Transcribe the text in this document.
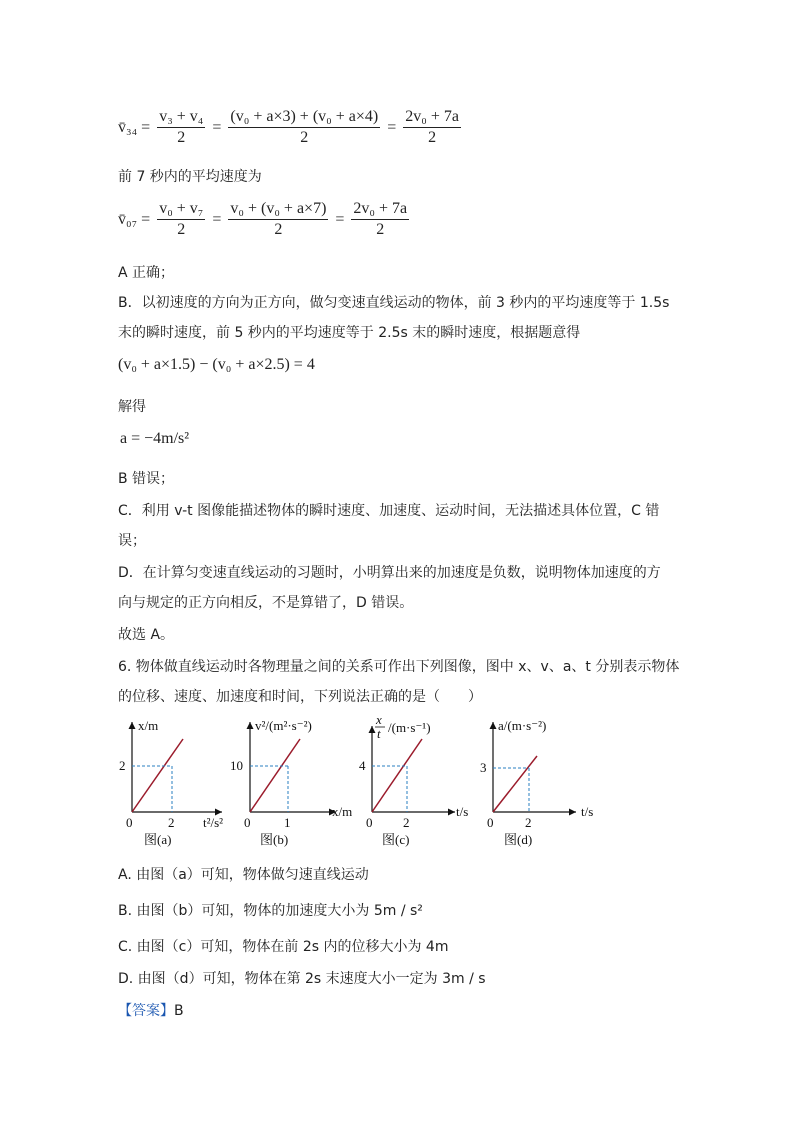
v̄₃₄ = $\frac{\text{v₃ + v₄}}{2} = \frac{\text{(v₀ + a×3) + (v₀ + a×4)}}{2} = \frac{\text{2v₀ + 7a}}{2}$
前 7 秒内的平均速度为
v̄₀₇ = $\frac{\text{v₀ + v₇}}{2} = \frac{\text{v₀ + (v₀ + a×7)}}{2} = \frac{\text{2v₀ + 7a}}{2}$
A 正确；
B．以初速度的方向为正方向，做匀变速直线运动的物体，前 3 秒内的平均速度等于 1.5s
末的瞬时速度，前 5 秒内的平均速度等于 2.5s 末的瞬时速度，根据题意得
(v₀ + a×1.5) − (v₀ + a×2.5) = 4
解得
a = −4m/s²
B 错误；
C．利用 v-t 图像能描述物体的瞬时速度、加速度、运动时间，无法描述具体位置，C 错
误；
D．在计算匀变速直线运动的习题时，小明算出来的加速度是负数，说明物体加速度的方
向与规定的正方向相反，不是算错了，D 错误。
故选 A。
6. 物体做直线运动时各物理量之间的关系可作出下列图像，图中 x、v、a、t 分别表示物体
的位移、速度、加速度和时间，下列说法正确的是（　　）
x/m
2
2
0	t²/s²
图(a)
v²/(m²·s⁻²)
10
1
0
x/m
图(b)
x
t /(m·s⁻¹)
4
2
0
t/s
图(c)
a/(m·s⁻²)
3
2
0
t/s
图(d)
A. 由图（a）可知，物体做匀速直线运动
B. 由图（b）可知，物体的加速度大小为 5m / s²
C. 由图（c）可知，物体在前 2s 内的位移大小为 4m
D. 由图（d）可知，物体在第 2s 末速度大小一定为 3m / s
【答案】B
